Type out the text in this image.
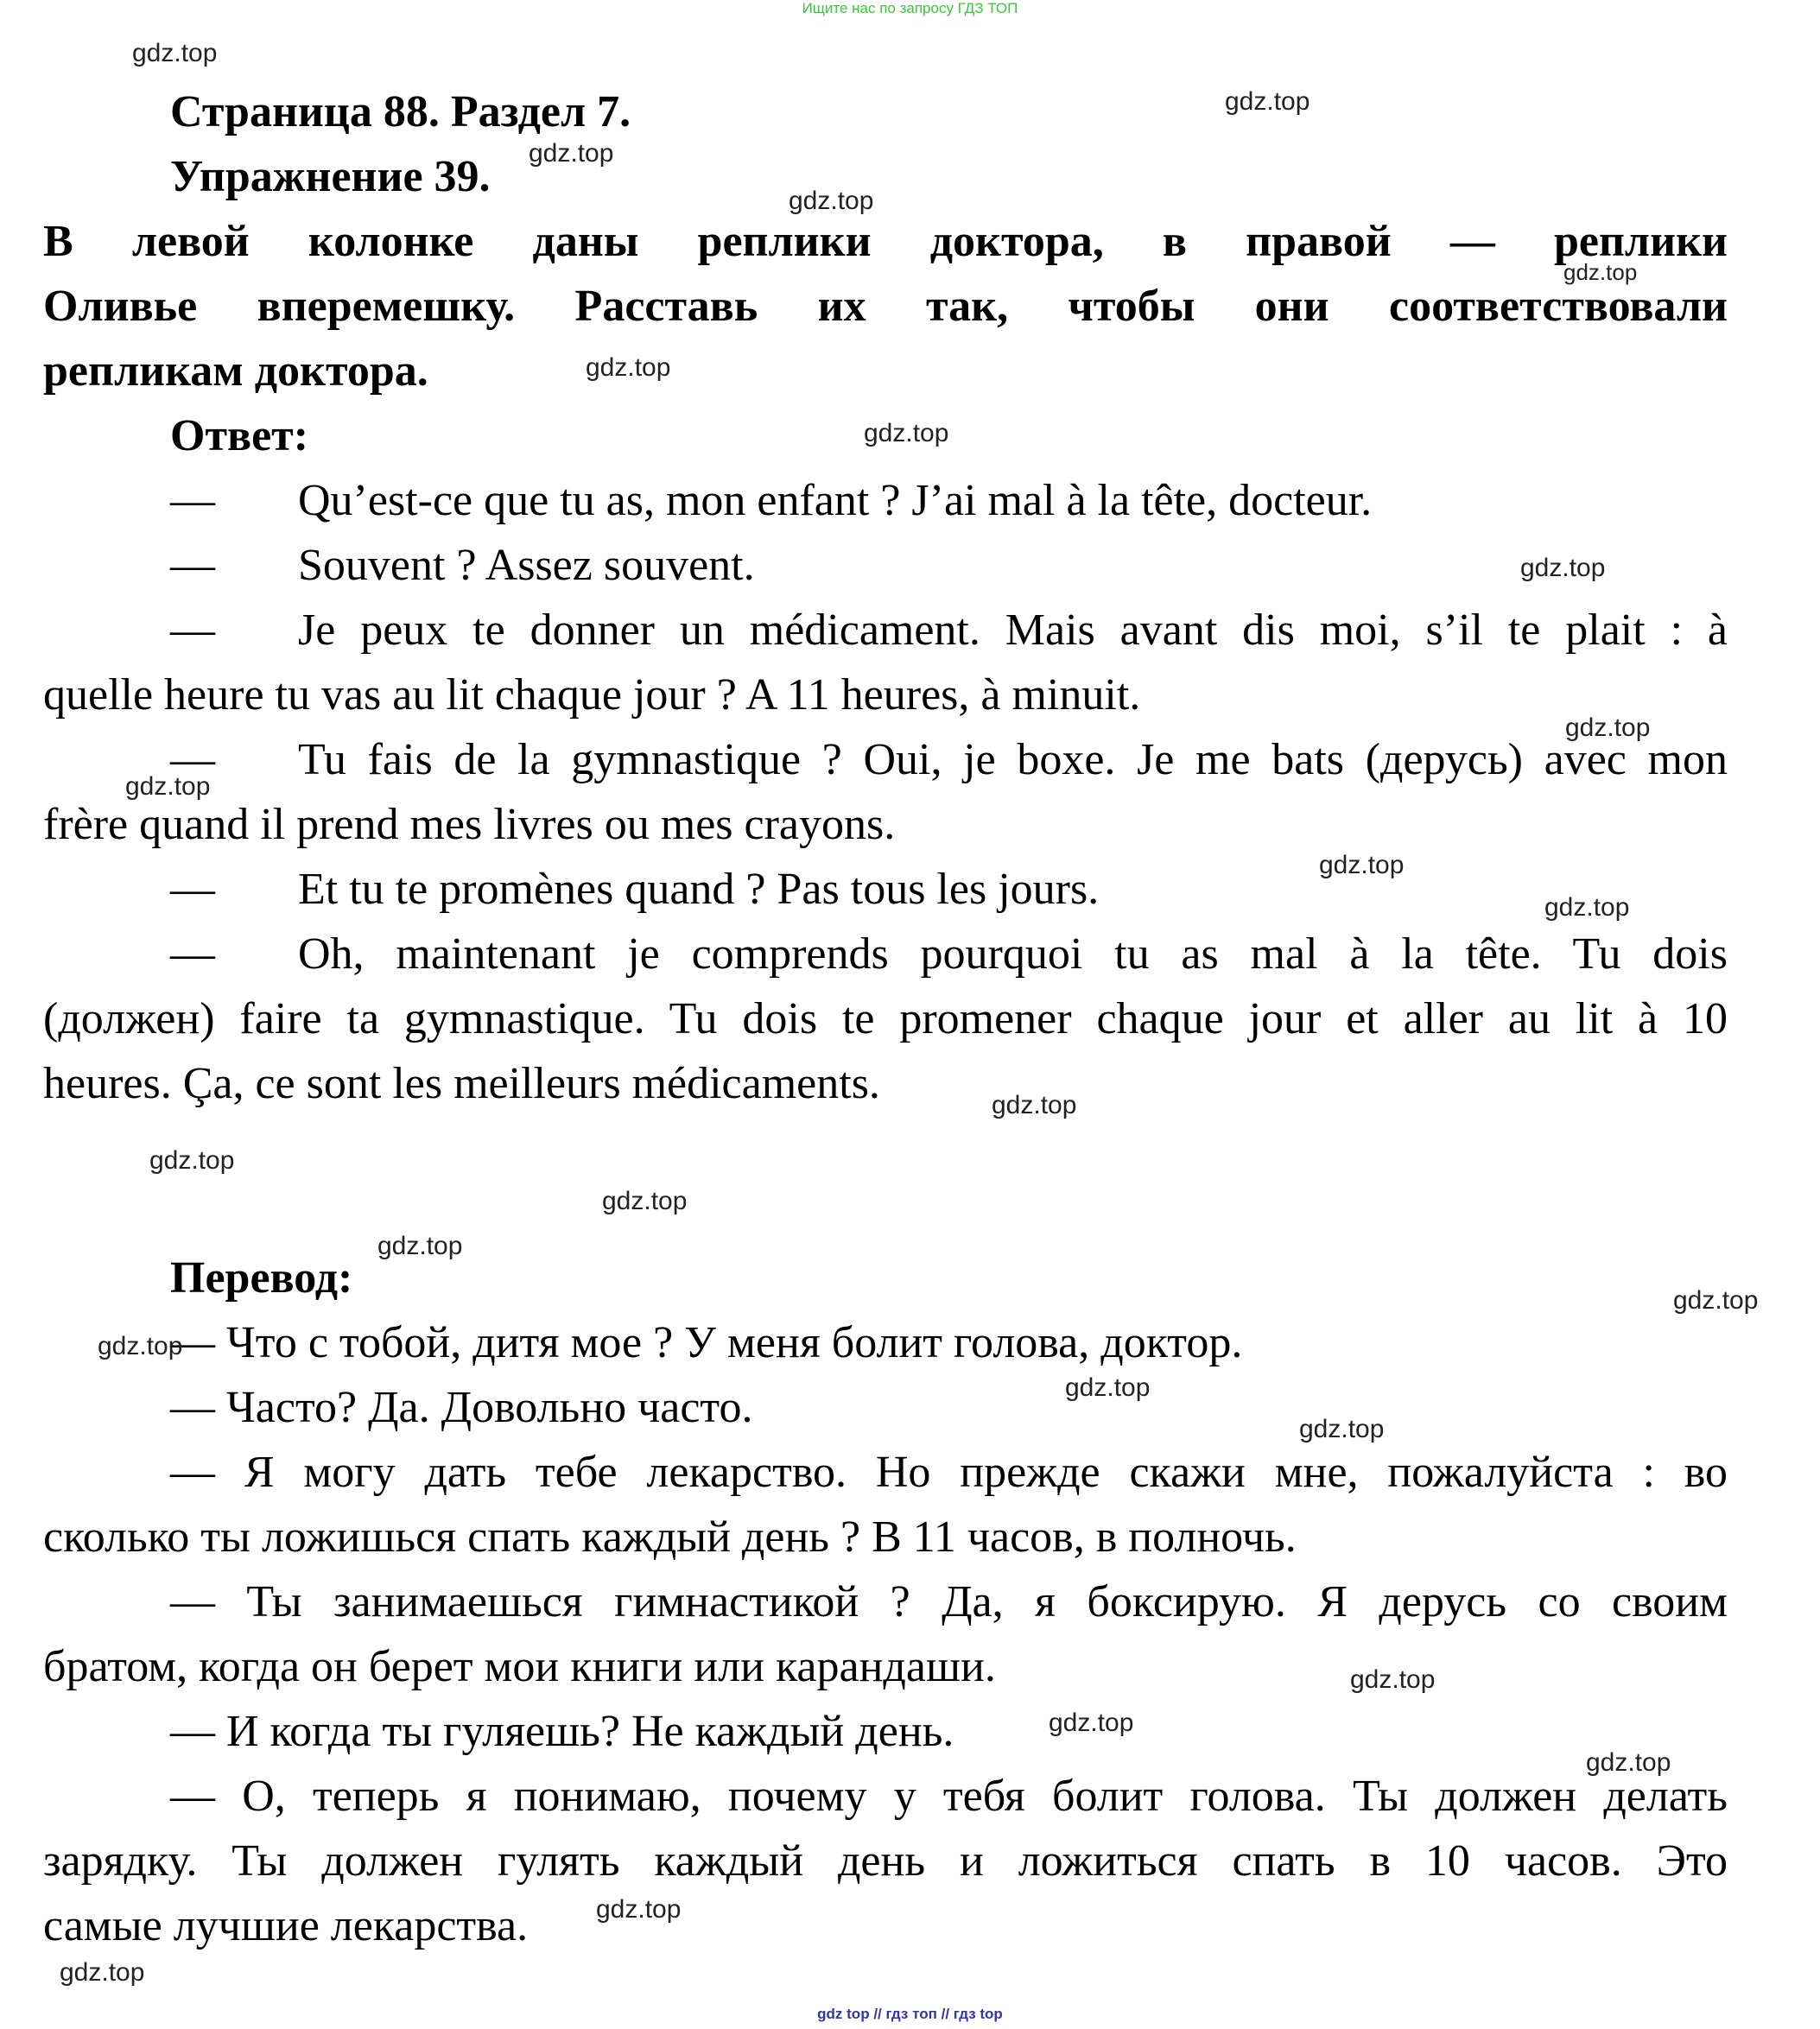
Ищите нас по запросу ГДЗ ТОП
Страница 88. Раздел 7.
Упражнение 39.
В левой колонке даны реплики доктора, в правой — реплики
Оливье вперемешку. Расставь их так, чтобы они соответствовали
репликам доктора.
Ответ:
— Qu’est-ce que tu as, mon enfant ? J’ai mal à la tête, docteur.
— Souvent ? Assez souvent.
— Je peux te donner un médicament. Mais avant dis moi, s’il te plait : à
quelle heure tu vas au lit chaque jour ? A 11 heures, à minuit.
— Tu fais de la gymnastique ? Oui, je boxe. Je me bats (дерусь) avec mon
frère quand il prend mes livres ou mes crayons.
— Et tu te promènes quand ? Pas tous les jours.
— Oh, maintenant je comprends pourquoi tu as mal à la tête. Tu dois
(должен) faire ta gymnastique. Tu dois te promener chaque jour et aller au lit à 10
heures. Ça, ce sont les meilleurs médicaments.
Перевод:
— Что с тобой, дитя мое ? У меня болит голова, доктор.
— Часто? Да. Довольно часто.
— Я могу дать тебе лекарство. Но прежде скажи мне, пожалуйста : во
сколько ты ложишься спать каждый день ? В 11 часов, в полночь.
— Ты занимаешься гимнастикой ? Да, я боксирую. Я дерусь со своим
братом, когда он берет мои книги или карандаши.
— И когда ты гуляешь? Не каждый день.
— О, теперь я понимаю, почему у тебя болит голова. Ты должен делать
зарядку. Ты должен гулять каждый день и ложиться спать в 10 часов. Это
самые лучшие лекарства.
gdz.top
gdz.top
gdz.top
gdz.top
gdz.top
gdz.top
gdz.top
gdz.top
gdz.top
gdz.top
gdz.top
gdz.top
gdz.top
gdz.top
gdz.top
gdz.top
gdz.top
gdz.top
gdz.top
gdz.top
gdz.top
gdz.top
gdz.top
gdz.top
gdz.top
gdz top // гдз топ // гдз top
